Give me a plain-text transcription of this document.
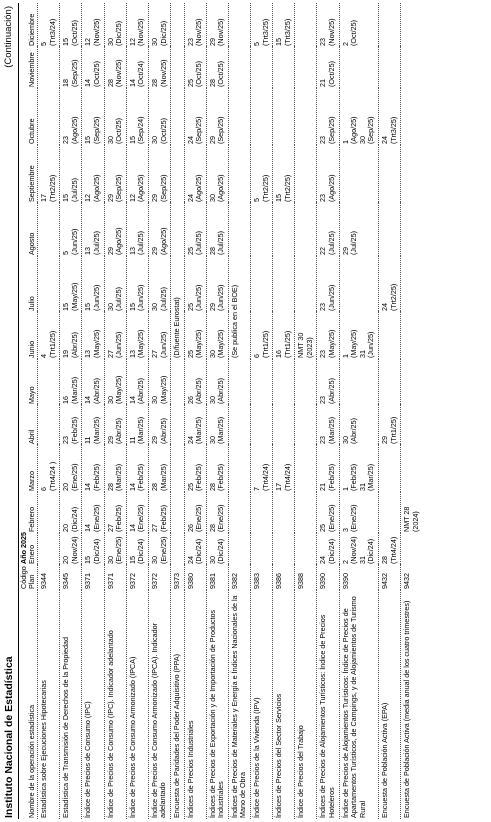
Instituto Nacional de Estadística
(Continuación)
	Código	Año 2025											
Nombre de la operación estadística	Plan	Enero	Febrero	Marzo	Abril	Mayo	Junio	Julio	Agosto	Septiembre	Octubre	Noviembre	Diciembre
Estadística sobre Ejecuciones Hipotecarias	9344			6 (Trt4/24 )			4 (Trt1/25)			17 (Trt2/25)			5 (Trt3/24)

Estadística de Transmisión de Derechos de la Propiedad	9345	20 (Nov/24)	20 (Dic/24)	20 (Ene/25)	23 (Feb/25)	16 (Mar/25)	19 (Abr/25)	15 (May/25)	5 (Jun/25)	15 (Jul/25)	23 (Ago/25)	18 (Sep/25)	15 (Oct/25)

Índice de Precios de Consumo (IPC)	9371	15 (Dic/24)	14 (Ene/25)	14 (Feb/25)	11 (Mar/25)	14 (Abr/25)	13 (May/25)	15 (Jun/25)	13 (Jul/25)	12 (Ago/25)	15 (Sep/25)	14 (Oct/25)	12 (Nov/25)

Índice de Precios de Consumo (IPC). Indicador adelantado	9371	30 (Ene/25)	27 (Feb/25)	28 (Mar/25)	29 (Abr/25)	30 (May/25)	27 (Jun/25)	30 (Jul/25)	29 (Ago/25)	29 (Sep/25)	30 (Oct/25)	28 (Nov/25)	30 (Dic/25)

Índice de Precios de Consumo Armonizado (IPCA)	9372	15 (Dic/24)	14 (Ene/25)	14 (Feb/25)	11 (Mar/25)	14 (Abr/25)	13 (May/25)	15 (Jun/25)	13 (Jul/25)	12 (Ago/25)	15 (Sep/24)	14 (Oct/24)	12 (Nov/25)

Índice de Precios de Consumo Armonizado (IPCA). Indicador adelantado	9372	30 (Ene/25)	27 (Feb/25)	28 (Mar/25)	29 (Abr/25)	30 (May/25)	27 (Jun/25)	30 (Jul/25)	29 (Ago/25)	29 (Sep/25)	30 (Oct/25)	28 (Nov/25)	30 (Dic/25)

Encuesta de Paridades del Poder Adquisitivo (PPA)	9373						(D/fuente Eurostat)						
Índices de Precios Industriales	9380	24 (Dic/24)	26 (Ene/25)	25 (Feb/25)	24 (Mar/25)	26 (Abr/25)	25 (May/25)	25 (Jun/25)	25 (Jul/25)	24 (Ago/25)	24 (Sep/25)	25 (Oct/25)	23 (Nov/25)

Índices de Precios de Exportación y de Importación de Productos Industriales	9381	30 (Dic/24)	28 (Ene/25)	28 (Feb/25)	30 (Mar/25)	30 (Abr/25)	30 (May/25)	29 (Jun/25)	28 (Jul/25)	30 (Ago/25)	29 (Sep/25)	28 (Oct/25)	29 (Nov/25)

Índices de Precios de Materiales y Energía e Índices Nacionales de la Mano de Obra	9382						(Se publica en el BOE)						
Índice de Precios de la Vivienda (IPV)	9383			7 (Trt4/24)			6 (Trt1/25)			5 (Trt2/25)			5 (Trt3/25)

Índices de Precios del Sector Servicios	9386			17 (Trt4/24)			16 (Trt1/25)			15 (Trt2/25)			15 (Trt3/25)

Índice de Precios del Trabajo	9388						NMT 30 (2023)						

Índices de Precios de Alojamientos Turísticos: Índice de Precios Hoteleros	9390	24 (Dic/24)	25 (Ene/25)	21 (Feb/25)	23 (Mar/25)	23 (Abr/25)	23 (May/25)	23 (Jun/25)	22 (Jul/25)	23 (Ago/25)	23 (Sep/25)	21 (Oct/25)	23 (Nov/25)

Índice de Precios de Alojamientos Turísticos: Índice de Precios de Apartamentos Turísticos, de Campings, y de Alojamientos de Turismo Rural	9390	2 (Nov/24) 31 (Dic/24)	3 (Ene/25)	1 (Feb/25) 31 (Mar/25)	30 (Abr/25)		1 (May/25) 31 (Jun/25)		29 (Jul/25)		1 (Ago/25) 30 (Sep/25)		2 (Oct/25)

Encuesta de Población Activa (EPA)	9432	28 (Trt4/24)			29 (Trt1/25)			24 (Trt2/25)			24 (Trt3/25)		

Encuesta de Población Activa (media anual de los cuatro trimestres)	9432		NMT 28 (2024)										
